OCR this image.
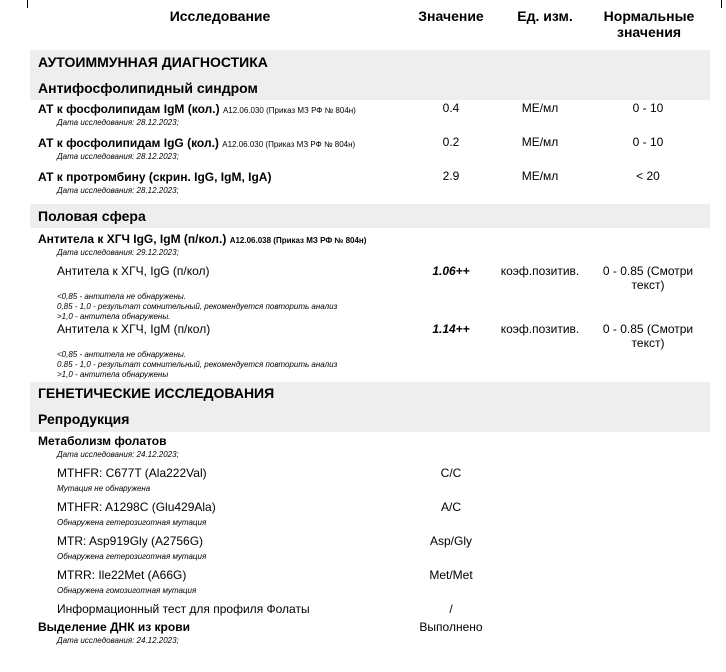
Исследование	Значение	Ед. изм.	Нормальные значения
АУТОИММУННАЯ ДИАГНОСТИКА
Антифосфолипидный синдром
АТ к фосфолипидам IgM (кол.) А12.06.030 (Приказ МЗ РФ № 804н)
Дата исследования: 28.12.2023;
0.4	МЕ/мл	0 - 10
АТ к фосфолипидам IgG (кол.) А12.06.030 (Приказ МЗ РФ № 804н)
Дата исследования: 28.12.2023;
0.2	МЕ/мл	0 - 10
АТ к протромбину (скрин. IgG, IgM, IgA)
Дата исследования: 28.12.2023;
2.9	МЕ/мл	< 20
Половая сфера
Антитела к ХГЧ IgG, IgM (п/кол.) А12.06.038 (Приказ МЗ РФ № 804н)
Дата исследования: 29.12.2023;
Антитела к ХГЧ, IgG (п/кол)	1.06++	коэф.позитив.	0 - 0.85 (Смотри текст)
<0,85 - антитела не обнаружены.
0,85 - 1,0 - результат сомнительный, рекомендуется повторить анализ
>1,0 - антитела обнаружены.
Антитела к ХГЧ, IgM (п/кол)	1.14++	коэф.позитив.	0 - 0.85 (Смотри текст)
<0,85 - антитела не обнаружены.
0.85 - 1,0 - результат сомнительный, рекомендуется повторить анализ
>1,0 - антитела обнаружены
ГЕНЕТИЧЕСКИЕ ИССЛЕДОВАНИЯ
Репродукция
Метаболизм фолатов
Дата исследования: 24.12.2023;
MTHFR: C677T (Ala222Val)	C/C
Мутация не обнаружена
MTHFR: A1298C (Glu429Ala)	A/C
Обнаружена гетерозиготная мутация
MTR: Asp919Gly (A2756G)	Asp/Gly
Обнаружена гетерозиготная мутация
MTRR: Ile22Met (A66G)	Met/Met
Обнаружена гомозиготная мутация
Информационный тест для профиля Фолаты	/
Выделение ДНК из крови	Выполнено
Дата исследования: 24.12.2023;
